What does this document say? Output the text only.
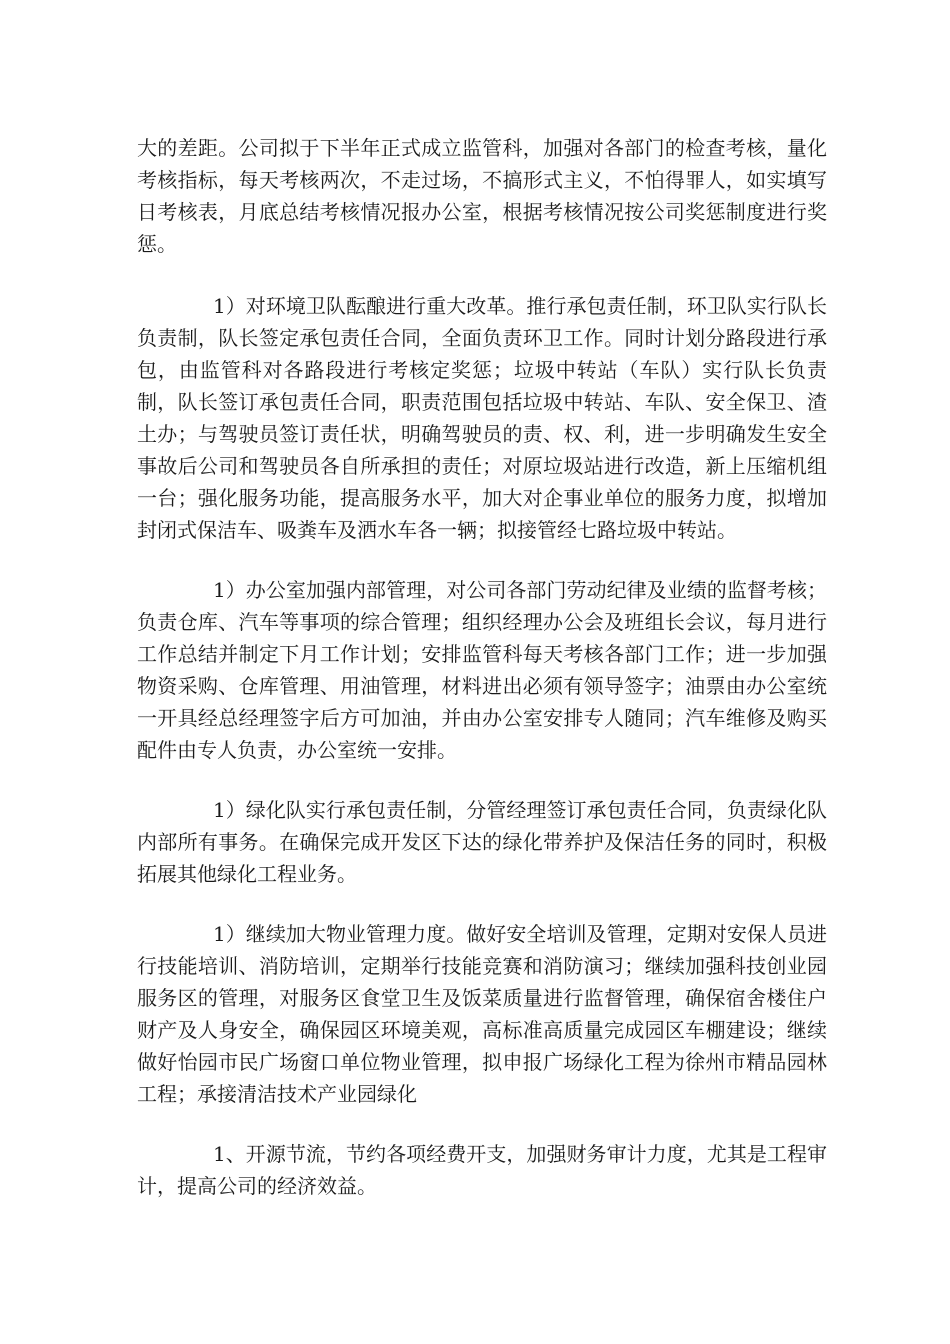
大的差距。公司拟于下半年正式成立监管科，加强对各部门的检查考核，量化考核指标，每天考核两次，不走过场，不搞形式主义，不怕得罪人，如实填写日考核表，月底总结考核情况报办公室，根据考核情况按公司奖惩制度进行奖惩。

1）对环境卫队酝酿进行重大改革。推行承包责任制，环卫队实行队长负责制，队长签定承包责任合同，全面负责环卫工作。同时计划分路段进行承包，由监管科对各路段进行考核定奖惩；垃圾中转站（车队）实行队长负责制，队长签订承包责任合同，职责范围包括垃圾中转站、车队、安全保卫、渣土办；与驾驶员签订责任状，明确驾驶员的责、权、利，进一步明确发生安全事故后公司和驾驶员各自所承担的责任；对原垃圾站进行改造，新上压缩机组一台；强化服务功能，提高服务水平，加大对企事业单位的服务力度，拟增加封闭式保洁车、吸粪车及洒水车各一辆；拟接管经七路垃圾中转站。

1）办公室加强内部管理，对公司各部门劳动纪律及业绩的监督考核；负责仓库、汽车等事项的综合管理；组织经理办公会及班组长会议，每月进行工作总结并制定下月工作计划；安排监管科每天考核各部门工作；进一步加强物资采购、仓库管理、用油管理，材料进出必须有领导签字；油票由办公室统一开具经总经理签字后方可加油，并由办公室安排专人随同；汽车维修及购买配件由专人负责，办公室统一安排。

1）绿化队实行承包责任制，分管经理签订承包责任合同，负责绿化队内部所有事务。在确保完成开发区下达的绿化带养护及保洁任务的同时，积极拓展其他绿化工程业务。

1）继续加大物业管理力度。做好安全培训及管理，定期对安保人员进行技能培训、消防培训，定期举行技能竞赛和消防演习；继续加强科技创业园服务区的管理，对服务区食堂卫生及饭菜质量进行监督管理，确保宿舍楼住户财产及人身安全，确保园区环境美观，高标准高质量完成园区车棚建设；继续做好怡园市民广场窗口单位物业管理，拟申报广场绿化工程为徐州市精品园林工程；承接清洁技术产业园绿化

1、开源节流，节约各项经费开支，加强财务审计力度，尤其是工程审计，提高公司的经济效益。
